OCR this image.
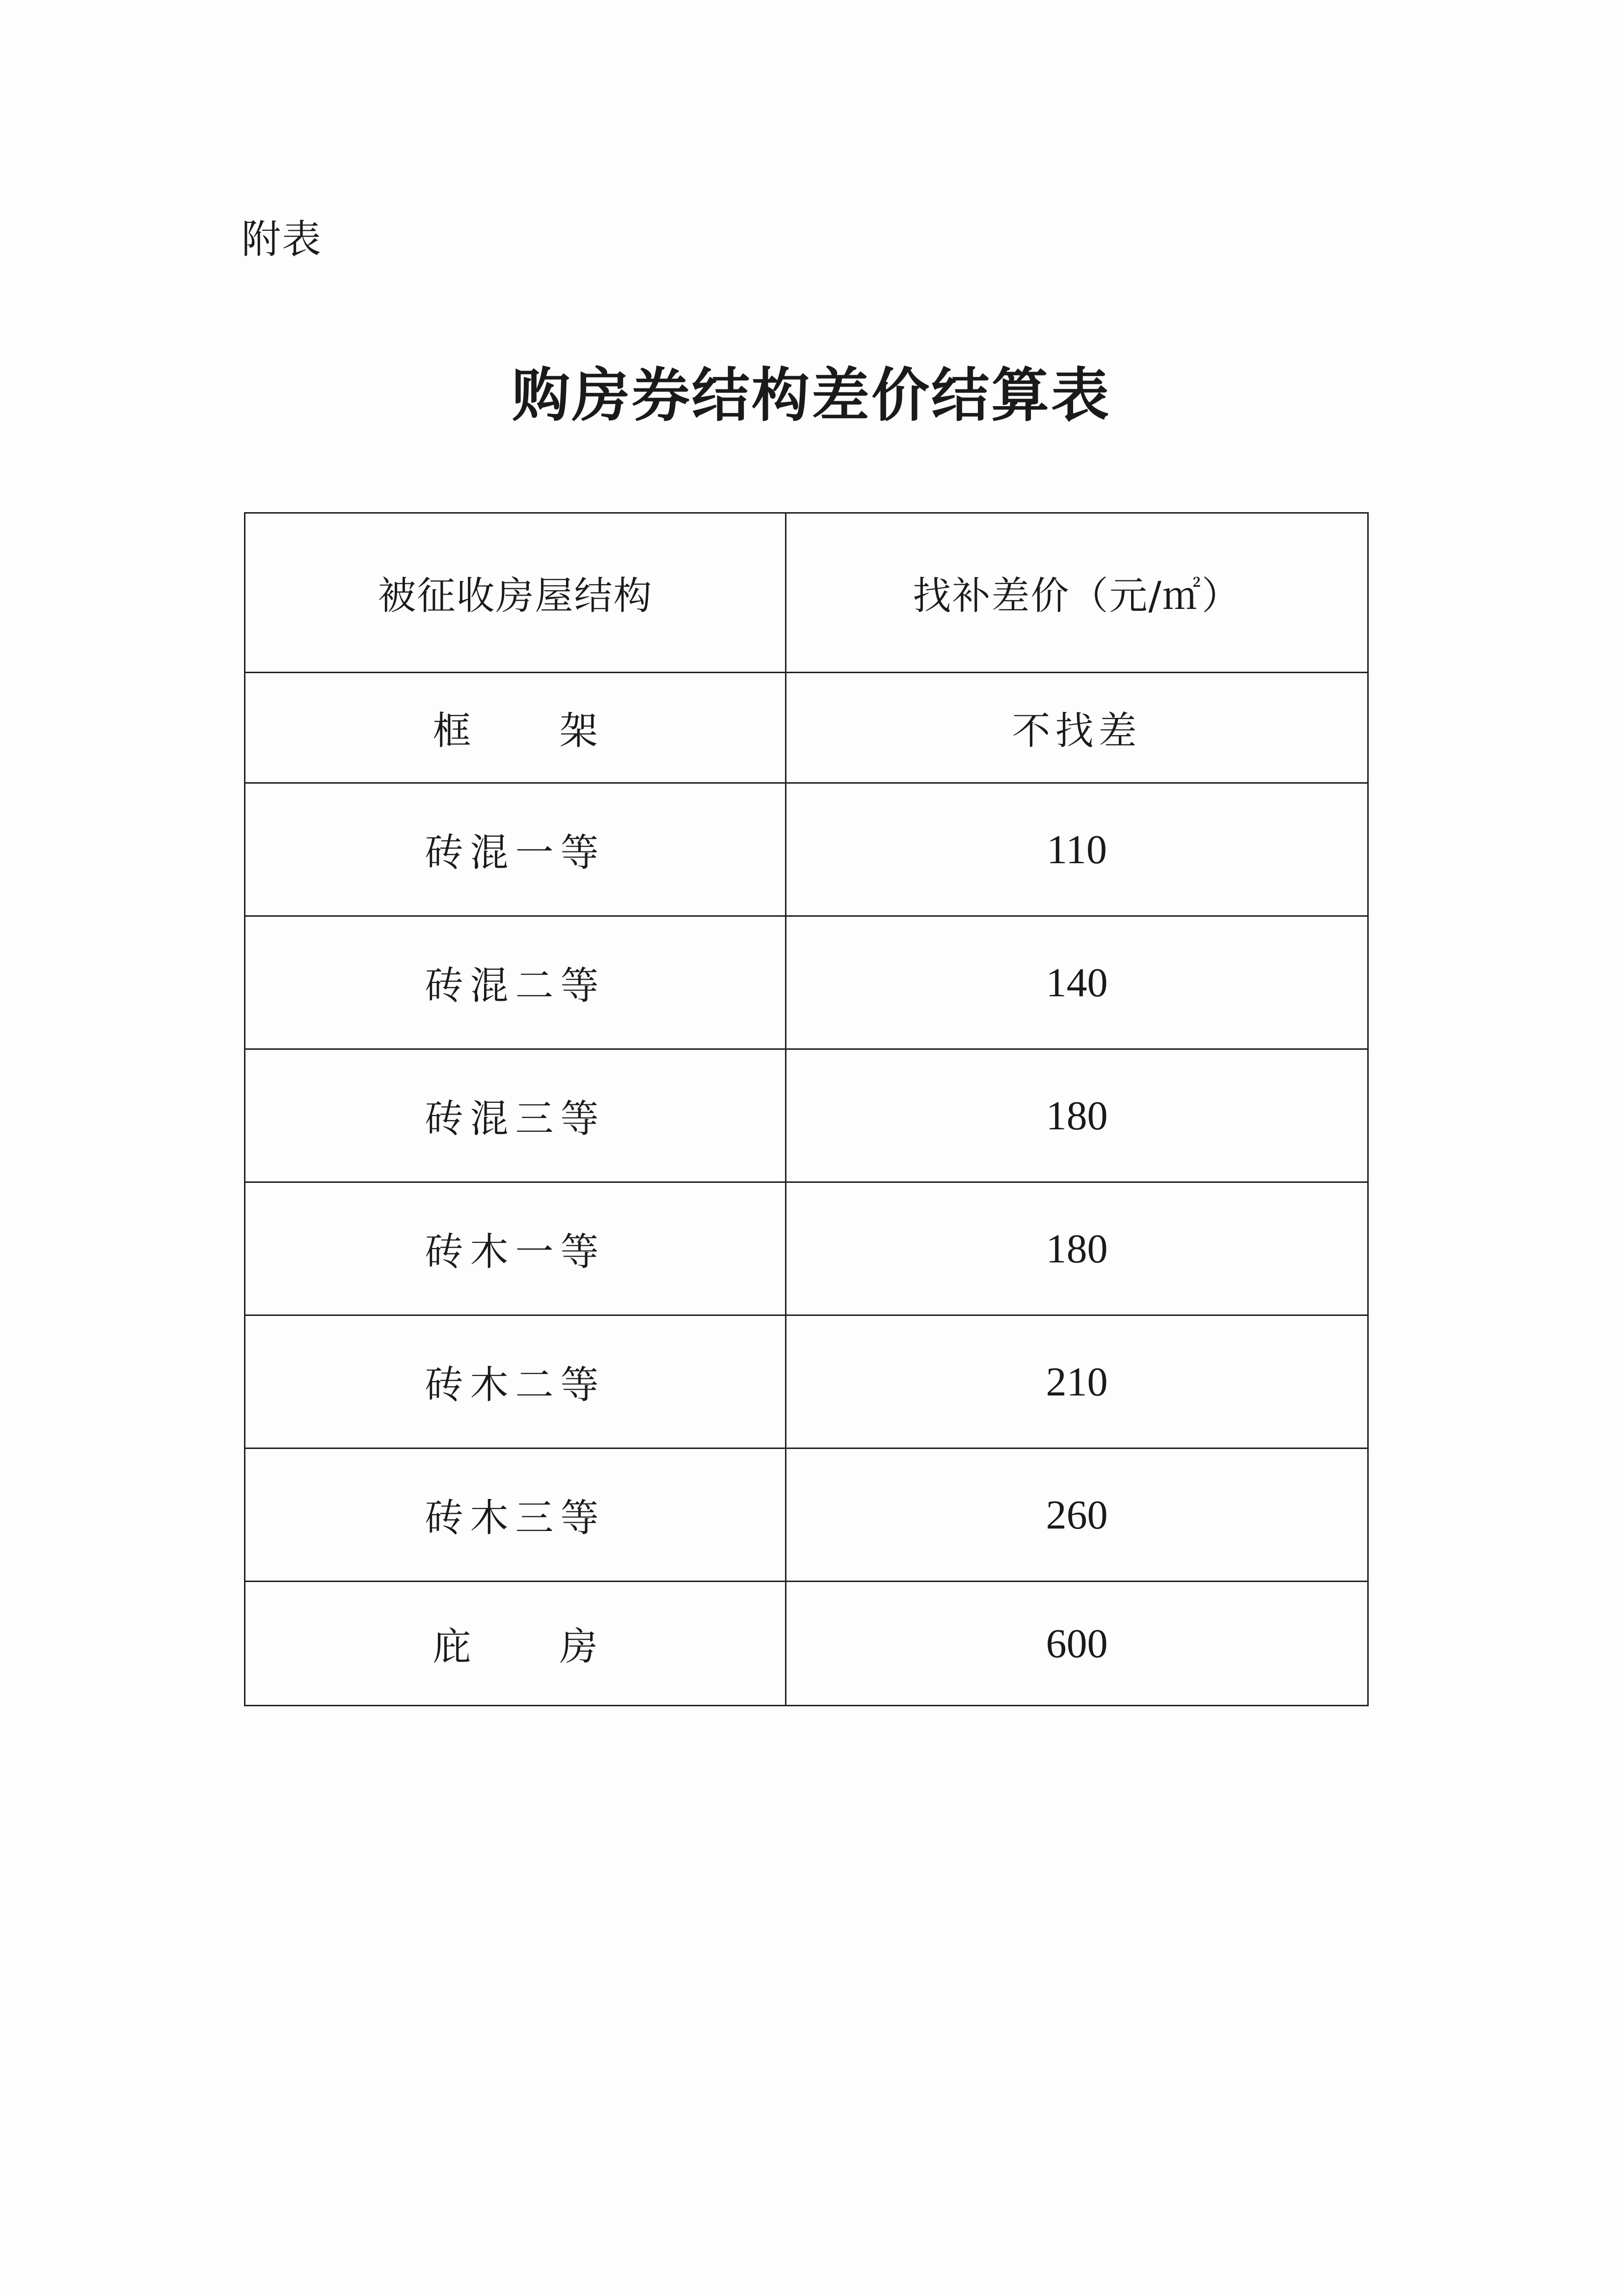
附表
购房券结构差价结算表
被征收房屋结构	找补差价（元/㎡）
框架	不找差
砖混一等	110
砖混二等	140
砖混三等	180
砖木一等	180
砖木二等	210
砖木三等	260
庇房	600
